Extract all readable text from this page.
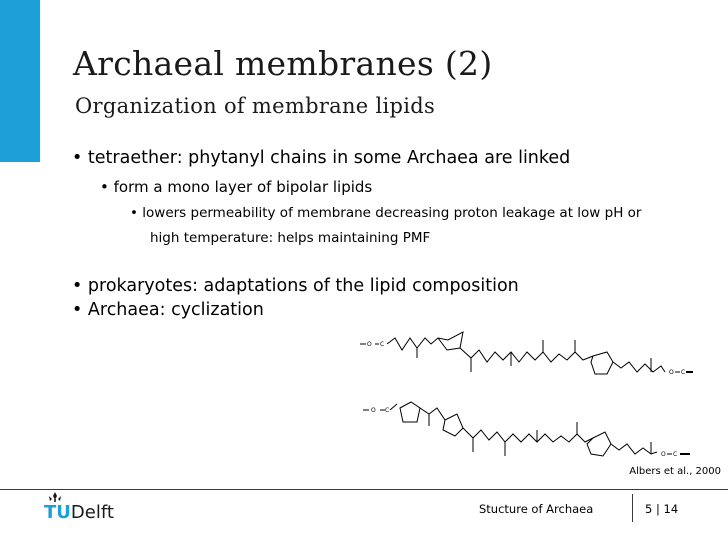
Archaeal membranes (2)
Organization of membrane lipids
• tetraether: phytanyl chains in some Archaea are linked
• form a mono layer of bipolar lipids
• lowers permeability of membrane decreasing proton leakage at low pH or
high temperature: helps maintaining PMF
• prokaryotes: adaptations of the lipid composition
• Archaea: cyclization
O C
O C
O C
O C
Albers et al., 2000
TUDelft	Stucture of Archaea	5 | 14
